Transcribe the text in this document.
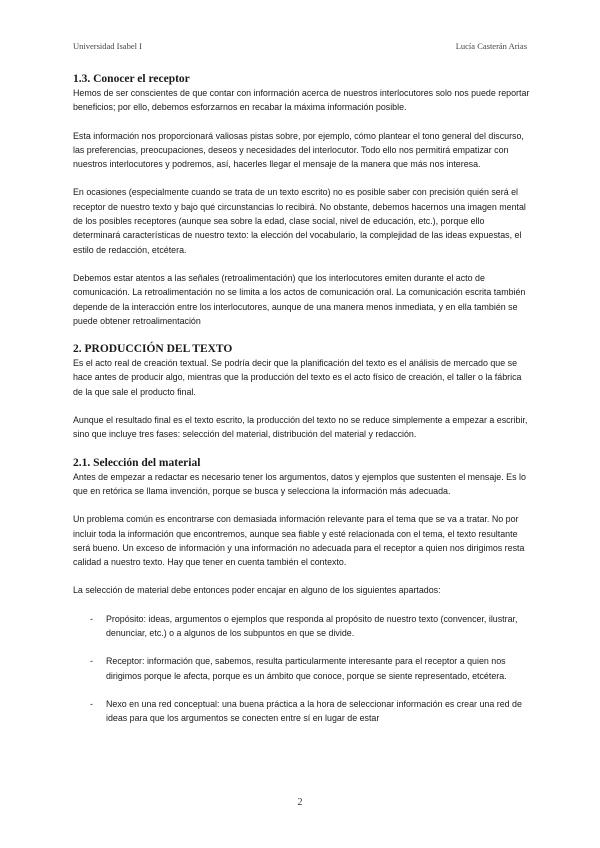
Universidad Isabel I	Lucía Casterán Arias
1.3. Conocer el receptor

Hemos de ser conscientes de que contar con información acerca de nuestros interlocutores solo nos puede reportar beneficios; por ello, debemos esforzarnos en recabar la máxima información posible.

Esta información nos proporcionará valiosas pistas sobre, por ejemplo, cómo plantear el tono general del discurso, las preferencias, preocupaciones, deseos y necesidades del interlocutor. Todo ello nos permitirá empatizar con nuestros interlocutores y podremos, así, hacerles llegar el mensaje de la manera que más nos interesa.

En ocasiones (especialmente cuando se trata de un texto escrito) no es posible saber con precisión quién será el receptor de nuestro texto y bajo qué circunstancias lo recibirá. No obstante, debemos hacernos una imagen mental de los posibles receptores (aunque sea sobre la edad, clase social, nivel de educación, etc.), porque ello determinará características de nuestro texto: la elección del vocabulario, la complejidad de las ideas expuestas, el estilo de redacción, etcétera.

Debemos estar atentos a las señales (retroalimentación) que los interlocutores emiten durante el acto de comunicación. La retroalimentación no se limita a los actos de comunicación oral. La comunicación escrita también depende de la interacción entre los interlocutores, aunque de una manera menos inmediata, y en ella también se puede obtener retroalimentación

2. PRODUCCIÓN DEL TEXTO

Es el acto real de creación textual. Se podría decir que la planificación del texto es el análisis de mercado que se hace antes de producir algo, mientras que la producción del texto es el acto físico de creación, el taller o la fábrica de la que sale el producto final.

Aunque el resultado final es el texto escrito, la producción del texto no se reduce simplemente a empezar a escribir, sino que incluye tres fases: selección del material, distribución del material y redacción.

2.1. Selección del material

Antes de empezar a redactar es necesario tener los argumentos, datos y ejemplos que sustenten el mensaje. Es lo que en retórica se llama invención, porque se busca y selecciona la información más adecuada.

Un problema común es encontrarse con demasiada información relevante para el tema que se va a tratar. No por incluir toda la información que encontremos, aunque sea fiable y esté relacionada con el tema, el texto resultante será bueno. Un exceso de información y una información no adecuada para el receptor a quien nos dirigimos resta calidad a nuestro texto. Hay que tener en cuenta también el contexto.

La selección de material debe entonces poder encajar en alguno de los siguientes apartados:

- Propósito: ideas, argumentos o ejemplos que responda al propósito de nuestro texto (convencer, ilustrar, denunciar, etc.) o a algunos de los subpuntos en que se divide.
- Receptor: información que, sabemos, resulta particularmente interesante para el receptor a quien nos dirigimos porque le afecta, porque es un ámbito que conoce, porque se siente representado, etcétera.
- Nexo en una red conceptual: una buena práctica a la hora de seleccionar información es crear una red de ideas para que los argumentos se conecten entre sí en lugar de estar
2
